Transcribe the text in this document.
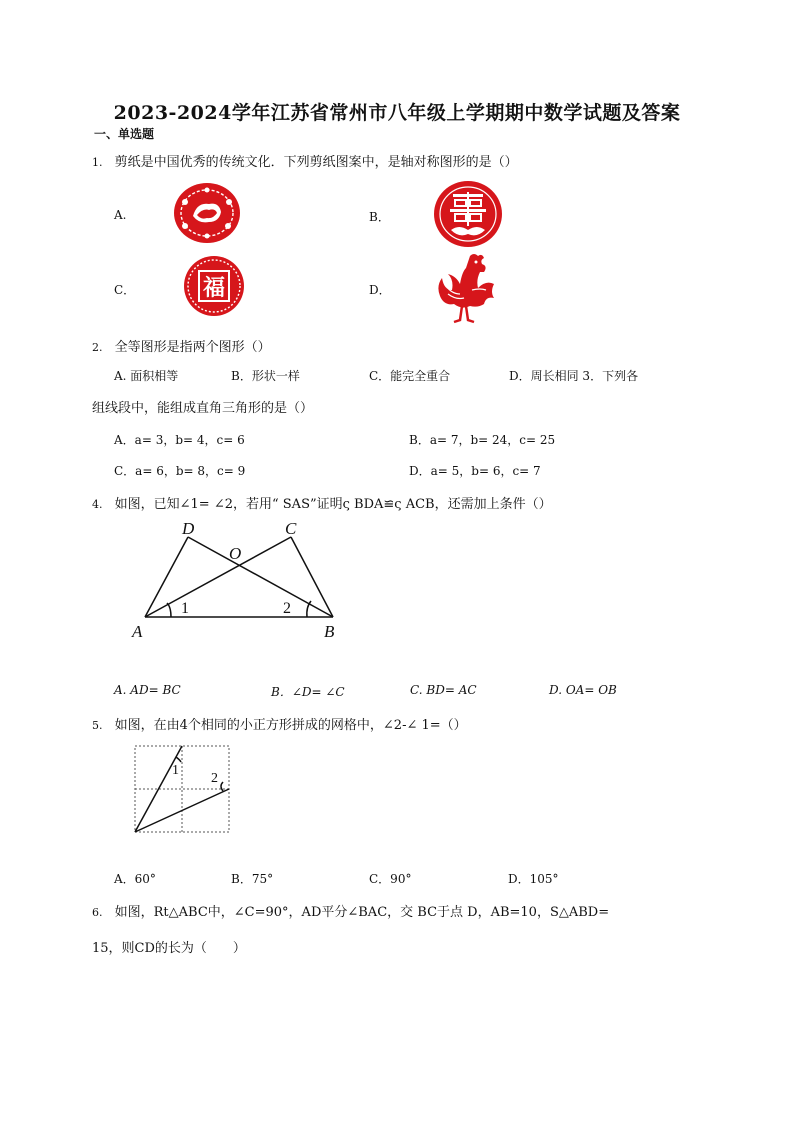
2023-2024学年江苏省常州市八年级上学期期中数学试题及答案
一、单选题
1. 剪纸是中国优秀的传统文化．下列剪纸图案中，是轴对称图形的是（）
A.	B．
C．	D．
福
2. 全等图形是指两个图形（）
A. 面积相等	B．形状一样	C．能完全重合	D．周长相同 3．下列各
组线段中，能组成直角三角形的是（）
A．a= 3，b= 4，c= 6	B．a= 7，b= 24，c= 25
C．a= 6，b= 8，c= 9	D．a= 5，b= 6，c= 7
4. 如图，已知∠1= ∠2，若用“ SAS”证明ς BDA≌ς ACB，还需加上条件（）
D	C
O
A	B
1	2
A. AD= BC	B．∠D= ∠C	C. BD= AC	D. OA= OB
5. 如图，在由4个相同的小正方形拼成的网格中，∠2-∠ 1=（）
1
2
A．60°	B．75°	C．90°	D．105°
6. 如图，Rt△ABC中，∠C=90°，AD平分∠BAC，交 BC于点 D，AB=10，S△ABD=
15，则CD的长为（　　）
